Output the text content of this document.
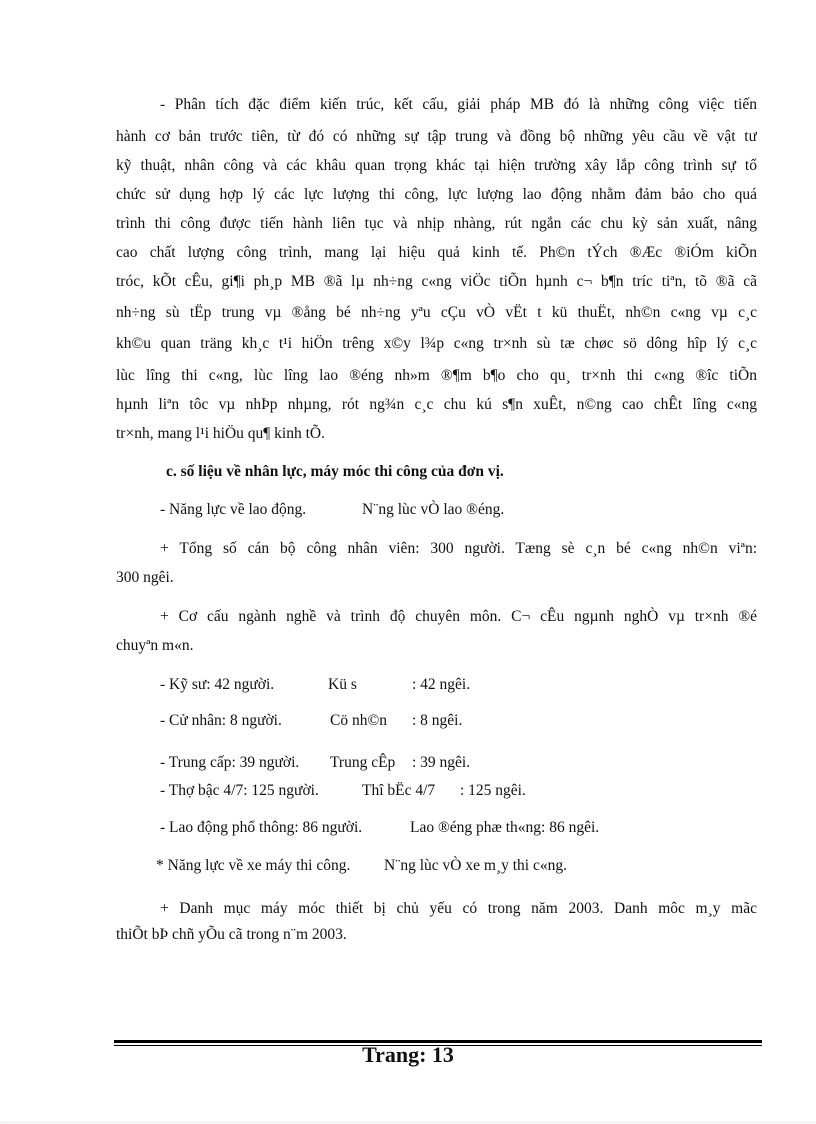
- Phân tích đặc điểm kiến trúc, kết cấu, giải pháp MB đó là những công việc tiến
hành cơ bản trước tiên, từ đó có những sự tập trung và đồng bộ những yêu cầu về vật tư
kỹ thuật, nhân công và các khâu quan trọng khác tại hiện trường xây lắp công trình sự tổ
chức sử dụng hợp lý các lực lượng thi công, lực lượng lao động nhằm đảm bảo cho quá
trình thi công được tiến hành liên tục và nhịp nhàng, rút ngắn các chu kỳ sản xuất, nâng
cao chất lượng công trình, mang lại hiệu quả kinh tế. Ph©n tÝch ®Æc ®iÓm kiÕn
tróc, kÕt cÊu, gi¶i ph¸p MB ®ã lµ nh÷ng c«ng viÖc tiÕn hµnh c¬ b¶n tríc tiªn, tõ ®ã cã
nh÷ng sù tËp trung vµ ®ång bé nh÷ng yªu cÇu vÒ vËt t kü thuËt, nh©n c«ng vµ c¸c
kh©u quan träng kh¸c t¹i hiÖn trêng x©y l¾p c«ng tr×nh sù tæ chøc sö dông hîp lý c¸c
lùc lîng thi c«ng, lùc lîng lao ®éng nh»m ®¶m b¶o cho qu¸ tr×nh thi c«ng ®îc tiÕn
hµnh liªn tôc vµ nhÞp nhµng, rót ng¾n c¸c chu kú s¶n xuÊt, n©ng cao chÊt lîng c«ng
tr×nh, mang l¹i hiÖu qu¶ kinh tÕ.
c. số liệu về nhân lực, máy móc thi công của đơn vị.
- Năng lực về lao động.	N¨ng lùc vÒ lao ®éng.
+ Tổng số cán bộ công nhân viên: 300 người. Tæng sè c¸n bé c«ng nh©n viªn:
300 ngêi.
+ Cơ cấu ngành nghề và trình độ chuyên môn. C¬ cÊu ngµnh nghÒ vµ tr×nh ®é
chuyªn m«n.
- Kỹ sư: 42 người.	Kü s	: 42 ngêi.
- Cử nhân: 8 người.	Cö nh©n : 8 ngêi.
- Trung cấp: 39 người. Trung cÊp : 39 ngêi.
- Thợ bậc 4/7: 125 người.	Thî bËc 4/7 : 125 ngêi.
- Lao động phổ thông: 86 người.	Lao ®éng phæ th«ng: 86 ngêi.
* Năng lực về xe máy thi công. N¨ng lùc vÒ xe m¸y thi c«ng.
+ Danh mục máy móc thiết bị chủ yếu có trong năm 2003. Danh môc m¸y mãc
thiÕt bÞ chñ yÕu cã trong n¨m 2003.
Trang: 13
